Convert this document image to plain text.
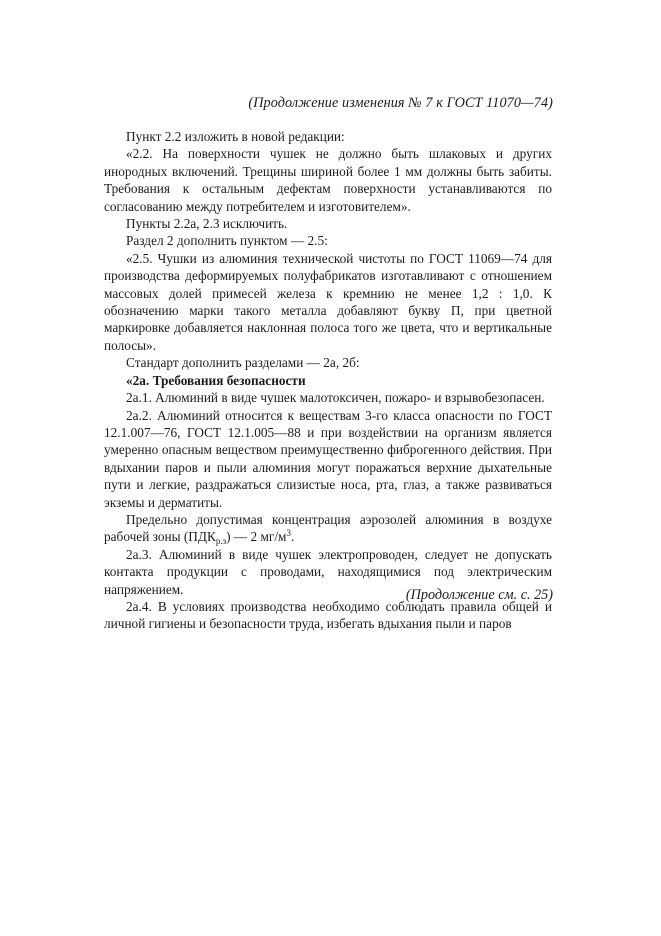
(Продолжение изменения № 7 к ГОСТ 11070—74)

Пункт 2.2 изложить в новой редакции:

«2.2. На поверхности чушек не должно быть шлаковых и других инородных включений. Трещины шириной более 1 мм должны быть забиты. Требования к остальным дефектам поверхности устанавливаются по согласованию между потребителем и изготовителем».

Пункты 2.2а, 2.3 исключить.

Раздел 2 дополнить пунктом — 2.5:

«2.5. Чушки из алюминия технической чистоты по ГОСТ 11069—74 для производства деформируемых полуфабрикатов изготавливают с отношением массовых долей примесей железа к кремнию не менее 1,2 : 1,0. К обозначению марки такого металла добавляют букву П, при цветной маркировке добавляется наклонная полоса того же цвета, что и вертикальные полосы».

Стандарт дополнить разделами — 2а, 2б:

«2а. Требования безопасности

2а.1. Алюминий в виде чушек малотоксичен, пожаро- и взрывобезопасен.

2а.2. Алюминий относится к веществам 3-го класса опасности по ГОСТ 12.1.007—76, ГОСТ 12.1.005—88 и при воздействии на организм является умеренно опасным веществом преимущественно фиброгенного действия. При вдыхании паров и пыли алюминия могут поражаться верхние дыхательные пути и легкие, раздражаться слизистые носа, рта, глаз, а также развиваться экземы и дерматиты.

Предельно допустимая концентрация аэрозолей алюминия в воздухе рабочей зоны $(ПДК_{р.з})$ — 2 $мг/м^3$.

2а.3. Алюминий в виде чушек электропроводен, следует не допускать контакта продукции с проводами, находящимися под электрическим напряжением.

2а.4. В условиях производства необходимо соблюдать правила общей и личной гигиены и безопасности труда, избегать вдыхания пыли и паров

(Продолжение см. с. 25)
